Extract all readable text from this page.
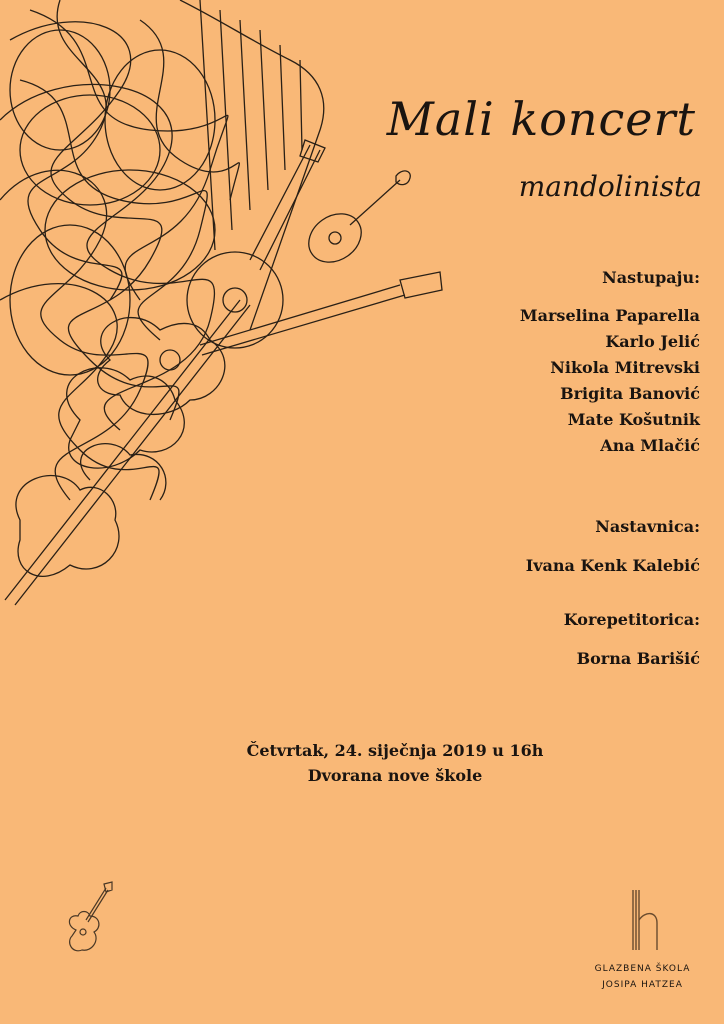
Mali koncert
mandolinista
Nastupaju:
Marselina Paparella
Karlo Jelić
Nikola Mitrevski
Brigita Banović
Mate Košutnik
Ana Mlačić
Nastavnica:
Ivana Kenk Kalebić
Korepetitorica:
Borna Barišić
Četvrtak, 24. siječnja 2019 u 16h
Dvorana nove škole
GLAZBENA ŠKOLA
JOSIPA HATZEA
